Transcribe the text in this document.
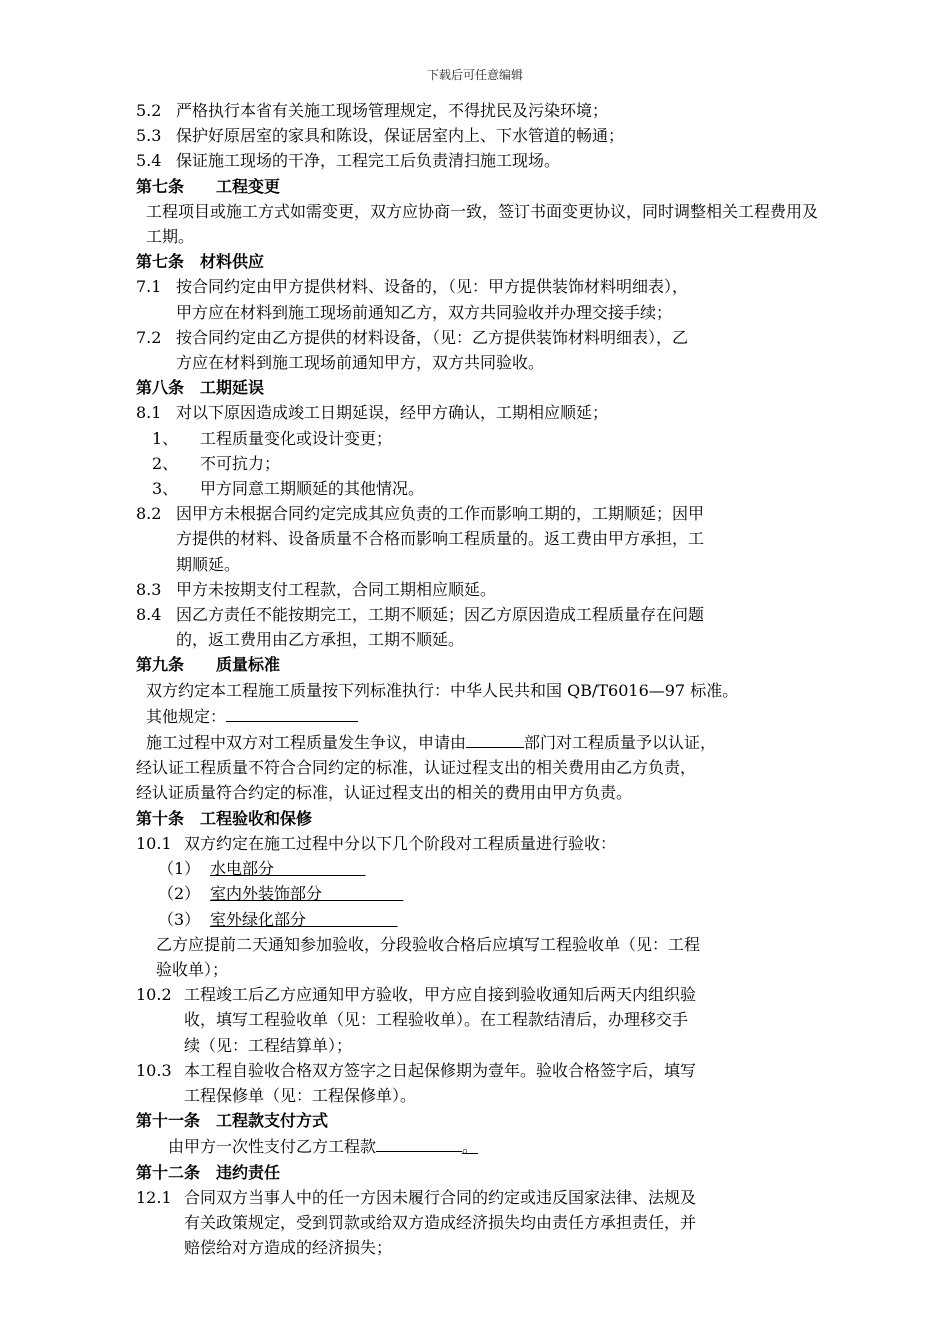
下载后可任意编辑
5.2 严格执行本省有关施工现场管理规定，不得扰民及污染环境；
5.3 保护好原居室的家具和陈设，保证居室内上、下水管道的畅通；
5.4 保证施工现场的干净，工程完工后负责清扫施工现场。
第七条　　工程变更
工程项目或施工方式如需变更，双方应协商一致，签订书面变更协议，同时调整相关工程费用及工期。
第七条　材料供应
7.1 按合同约定由甲方提供材料、设备的，（见：甲方提供装饰材料明细表），
甲方应在材料到施工现场前通知乙方，双方共同验收并办理交接手续；
7.2 按合同约定由乙方提供的材料设备，（见：乙方提供装饰材料明细表），乙
方应在材料到施工现场前通知甲方，双方共同验收。
第八条　工期延误
8.1 对以下原因造成竣工日期延误，经甲方确认，工期相应顺延；
1、	工程质量变化或设计变更；
2、	不可抗力；
3、	甲方同意工期顺延的其他情况。
8.2 因甲方未根据合同约定完成其应负责的工作而影响工期的，工期顺延；因甲
方提供的材料、设备质量不合格而影响工程质量的。返工费由甲方承担，工
期顺延。
8.3 甲方未按期支付工程款，合同工期相应顺延。
8.4 因乙方责任不能按期完工，工期不顺延；因乙方原因造成工程质量存在问题
的，返工费用由乙方承担，工期不顺延。
第九条　　质量标准
双方约定本工程施工质量按下列标准执行：中华人民共和国 QB/T6016—97 标准。
其他规定：
施工过程中双方对工程质量发生争议，申请由	部门对工程质量予以认证，
经认证工程质量不符合合同约定的标准，认证过程支出的相关费用由乙方负责，
经认证质量符合约定的标准，认证过程支出的相关的费用由甲方负责。
第十条　工程验收和保修
10.1 双方约定在施工过程中分以下几个阶段对工程质量进行验收：
（1） 水电部分
（2） 室内外装饰部分
（3） 室外绿化部分
乙方应提前二天通知参加验收，分段验收合格后应填写工程验收单（见：工程
验收单）；
10.2 工程竣工后乙方应通知甲方验收，甲方应自接到验收通知后两天内组织验
收，填写工程验收单（见：工程验收单）。在工程款结清后，办理移交手
续（见：工程结算单）；
10.3 本工程自验收合格双方签字之日起保修期为壹年。验收合格签字后，填写
工程保修单（见：工程保修单）。
第十一条　工程款支付方式
由甲方一次性支付乙方工程款	。
第十二条　违约责任
12.1 合同双方当事人中的任一方因未履行合同的约定或违反国家法律、法规及
有关政策规定，受到罚款或给双方造成经济损失均由责任方承担责任，并
赔偿给对方造成的经济损失；
